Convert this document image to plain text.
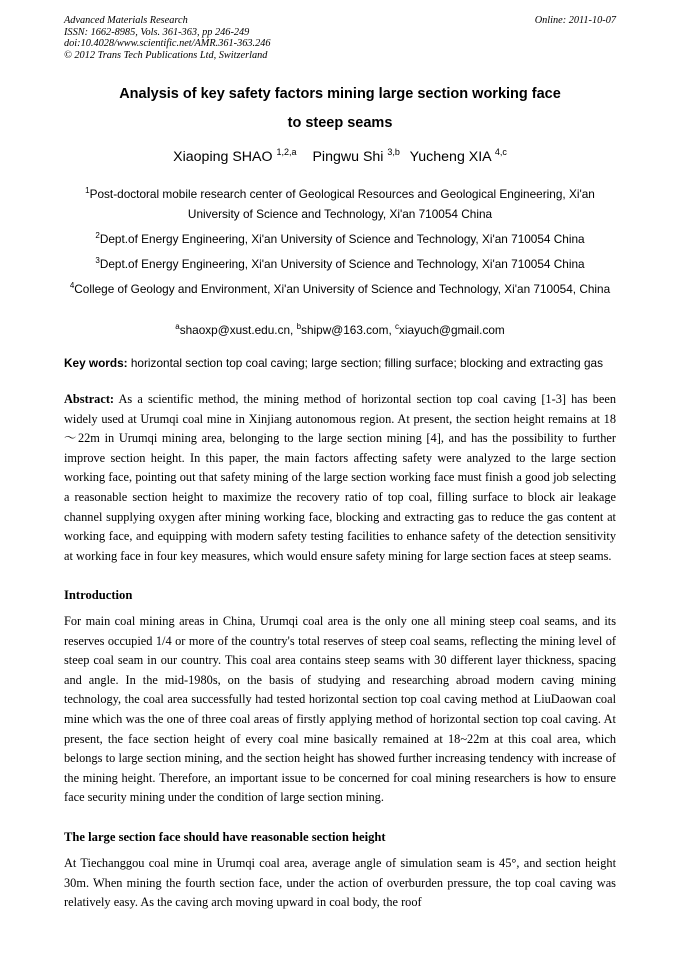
Advanced Materials Research
ISSN: 1662-8985, Vols. 361-363, pp 246-249
doi:10.4028/www.scientific.net/AMR.361-363.246
© 2012 Trans Tech Publications Ltd, Switzerland
Online: 2011-10-07
Analysis of key safety factors mining large section working face
to steep seams
Xiaoping SHAO $^{1,2,a}$ Pingwu Shi $^{3,b}$ Yucheng XIA $^{4,c}$
$^1$Post-doctoral mobile research center of Geological Resources and Geological Engineering, Xi'an University of Science and Technology, Xi'an 710054 China
$^2$Dept.of Energy Engineering, Xi'an University of Science and Technology, Xi'an 710054 China
$^3$Dept.of Energy Engineering, Xi'an University of Science and Technology, Xi'an 710054 China
$^4$College of Geology and Environment, Xi'an University of Science and Technology, Xi'an 710054, China
$^a$shaoxp@xust.edu.cn, $^b$shipw@163.com, $^c$xiayuch@gmail.com
Key words: horizontal section top coal caving; large section; filling surface; blocking and extracting gas
Abstract: As a scientific method, the mining method of horizontal section top coal caving [1-3] has been widely used at Urumqi coal mine in Xinjiang autonomous region. At present, the section height remains at 18～22m in Urumqi mining area, belonging to the large section mining [4], and has the possibility to further improve section height. In this paper, the main factors affecting safety were analyzed to the large section working face, pointing out that safety mining of the large section working face must finish a good job selecting a reasonable section height to maximize the recovery ratio of top coal, filling surface to block air leakage channel supplying oxygen after mining working face, blocking and extracting gas to reduce the gas content at working face, and equipping with modern safety testing facilities to enhance safety of the detection sensitivity at working face in four key measures, which would ensure safety mining for large section faces at steep seams.
Introduction
For main coal mining areas in China, Urumqi coal area is the only one all mining steep coal seams, and its reserves occupied 1/4 or more of the country's total reserves of steep coal seams, reflecting the mining level of steep coal seam in our country. This coal area contains steep seams with 30 different layer thickness, spacing and angle. In the mid-1980s, on the basis of studying and researching abroad modern caving mining technology, the coal area successfully had tested horizontal section top coal caving method at LiuDaowan coal mine which was the one of three coal areas of firstly applying method of horizontal section top coal caving. At present, the face section height of every coal mine basically remained at 18~22m at this coal area, which belongs to large section mining, and the section height has showed further increasing tendency with increase of the mining height. Therefore, an important issue to be concerned for coal mining researchers is how to ensure face security mining under the condition of large section mining.
The large section face should have reasonable section height
At Tiechanggou coal mine in Urumqi coal area, average angle of simulation seam is 45°, and section height 30m. When mining the fourth section face, under the action of overburden pressure, the top coal caving was relatively easy. As the caving arch moving upward in coal body, the roof
